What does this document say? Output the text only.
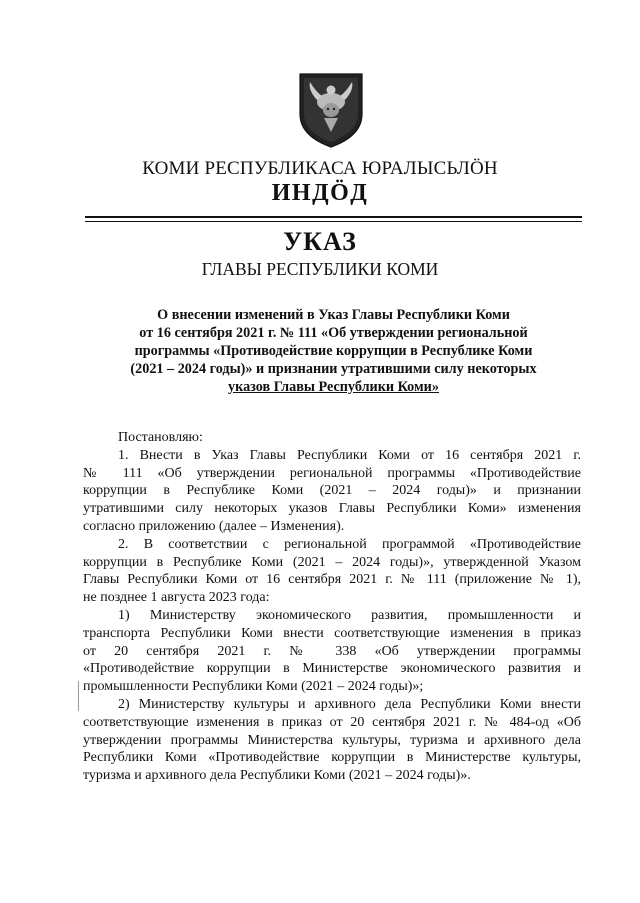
КОМИ РЕСПУБЛИКАСА ЮРАЛЫСЬЛÖН
ИНДÖД
УКАЗ
ГЛАВЫ РЕСПУБЛИКИ КОМИ
О внесении изменений в Указ Главы Республики Коми
от 16 сентября 2021 г. № 111 «Об утверждении региональной
программы «Противодействие коррупции в Республике Коми
(2021 – 2024 годы)» и признании утратившими силу некоторых
указов Главы Республики Коми»
Постановляю:
1. Внести в Указ Главы Республики Коми от 16 сентября 2021 г.
№ 111 «Об утверждении региональной программы «Противодействие
коррупции в Республике Коми (2021 – 2024 годы)» и признании
утратившими силу некоторых указов Главы Республики Коми» изменения
согласно приложению (далее – Изменения).
2. В соответствии с региональной программой «Противодействие
коррупции в Республике Коми (2021 – 2024 годы)», утвержденной Указом
Главы Республики Коми от 16 сентября 2021 г. № 111 (приложение № 1),
не позднее 1 августа 2023 года:
1) Министерству экономического развития, промышленности и
транспорта Республики Коми внести соответствующие изменения в приказ
от 20 сентября 2021 г. № 338 «Об утверждении программы
«Противодействие коррупции в Министерстве экономического развития и
промышленности Республики Коми (2021 – 2024 годы)»;
2) Министерству культуры и архивного дела Республики Коми внести
соответствующие изменения в приказ от 20 сентября 2021 г. № 484-од «Об
утверждении программы Министерства культуры, туризма и архивного дела
Республики Коми «Противодействие коррупции в Министерстве культуры,
туризма и архивного дела Республики Коми (2021 – 2024 годы)».
